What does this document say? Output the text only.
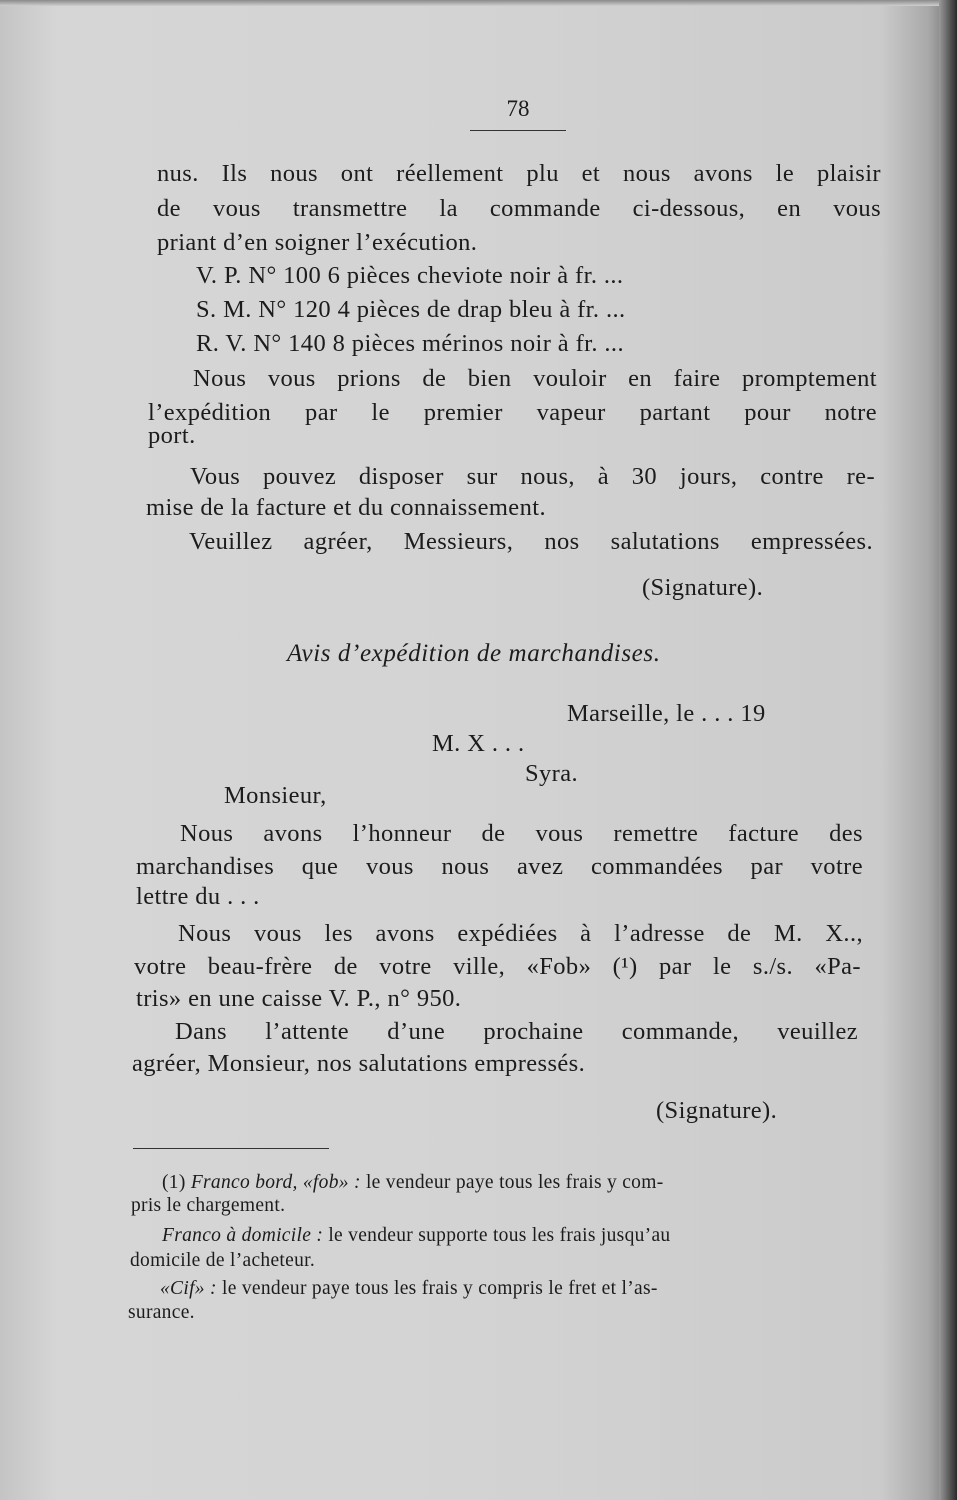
78
nus. Ils nous ont réellement plu et nous avons le plaisir
de vous transmettre la commande ci-dessous, en vous
priant d’en soigner l’exécution.
V. P. N° 100 6 pièces cheviote noir à fr. ...
S. M. N° 120 4 pièces de drap bleu à fr. ...
R. V. N° 140 8 pièces mérinos noir à fr. ...
Nous vous prions de bien vouloir en faire promptement
l’expédition par le premier vapeur partant pour notre
port.
Vous pouvez disposer sur nous, à 30 jours, contre re-
mise de la facture et du connaissement.
Veuillez agréer, Messieurs, nos salutations empressées.
(Signature).
Avis d’expédition de marchandises.
Marseille, le . . . 19
M. X . . .
Syra.
Monsieur,
Nous avons l’honneur de vous remettre facture des
marchandises que vous nous avez commandées par votre
lettre du . . .
Nous vous les avons expédiées à l’adresse de M. X..,
votre beau-frère de votre ville, «Fob» (¹) par le s./s. «Pa-
tris» en une caisse V. P., n° 950.
Dans l’attente d’une prochaine commande, veuillez
agréer, Monsieur, nos salutations empressés.
(Signature).
(1) Franco bord, «fob» : le vendeur paye tous les frais y com-
pris le chargement.
Franco à domicile : le vendeur supporte tous les frais jusqu’au
domicile de l’acheteur.
«Cif» : le vendeur paye tous les frais y compris le fret et l’as-
surance.
